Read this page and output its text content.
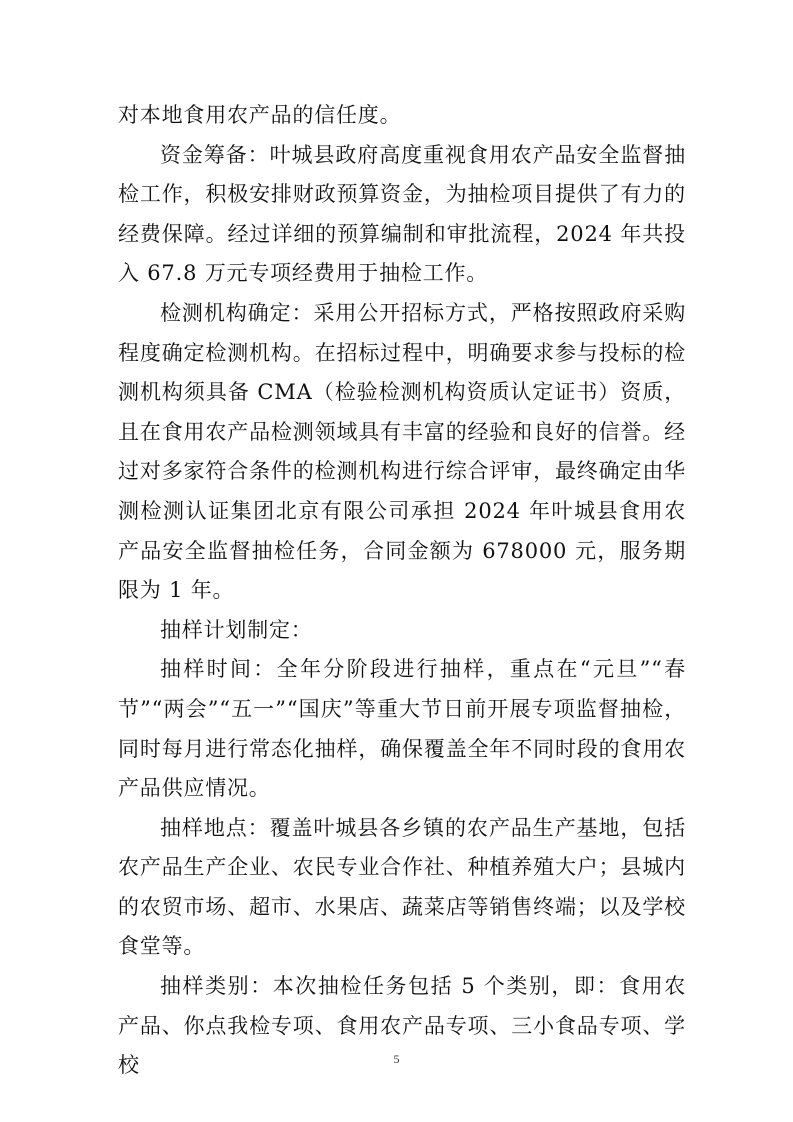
对本地食用农产品的信任度。

资金筹备：叶城县政府高度重视食用农产品安全监督抽检工作，积极安排财政预算资金，为抽检项目提供了有力的经费保障。经过详细的预算编制和审批流程，2024 年共投入 67.8 万元专项经费用于抽检工作。

检测机构确定：采用公开招标方式，严格按照政府采购程度确定检测机构。在招标过程中，明确要求参与投标的检测机构须具备 CMA（检验检测机构资质认定证书）资质，且在食用农产品检测领域具有丰富的经验和良好的信誉。经过对多家符合条件的检测机构进行综合评审，最终确定由华测检测认证集团北京有限公司承担 2024 年叶城县食用农产品安全监督抽检任务，合同金额为 678000 元，服务期限为 1 年。

抽样计划制定：

抽样时间：全年分阶段进行抽样，重点在“元旦”“春节”“两会”“五一”“国庆”等重大节日前开展专项监督抽检，同时每月进行常态化抽样，确保覆盖全年不同时段的食用农产品供应情况。

抽样地点：覆盖叶城县各乡镇的农产品生产基地，包括农产品生产企业、农民专业合作社、种植养殖大户；县城内的农贸市场、超市、水果店、蔬菜店等销售终端；以及学校食堂等。

抽样类别：本次抽检任务包括 5 个类别，即：食用农产品、你点我检专项、食用农产品专项、三小食品专项、学校	5
